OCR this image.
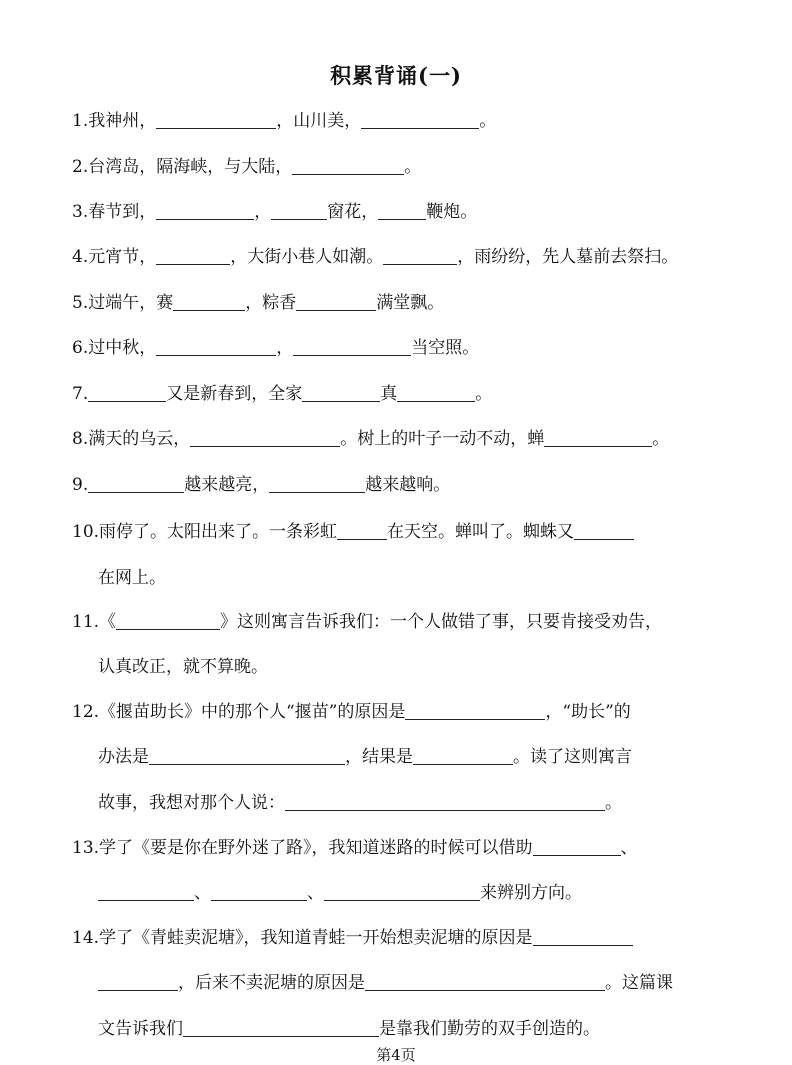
积累背诵(一)
1.我神州，	，山川美，	。
2.台湾岛，隔海峡，与大陆，	。
3.春节到，	，	窗花，	鞭炮。
4.元宵节，	，大街小巷人如潮。	，雨纷纷，先人墓前去祭扫。
5.过端午，赛	，粽香	满堂飘。
6.过中秋，	，	当空照。
7.	又是新春到，全家	真	。
8.满天的乌云，	。树上的叶子一动不动，蝉	。
9.	越来越亮，	越来越响。
10.雨停了。太阳出来了。一条彩虹	在天空。蝉叫了。蜘蛛又
在网上。
11.《	》这则寓言告诉我们：一个人做错了事，只要肯接受劝告，
认真改正，就不算晚。
12.《揠苗助长》中的那个人“揠苗”的原因是	，“助长”的
办法是	，结果是	。读了这则寓言
故事，我想对那个人说：	。
13.学了《要是你在野外迷了路》，我知道迷路的时候可以借助	、
、	、	来辨别方向。
14.学了《青蛙卖泥塘》，我知道青蛙一开始想卖泥塘的原因是
，后来不卖泥塘的原因是	。这篇课
文告诉我们	是靠我们勤劳的双手创造的。
第4页
